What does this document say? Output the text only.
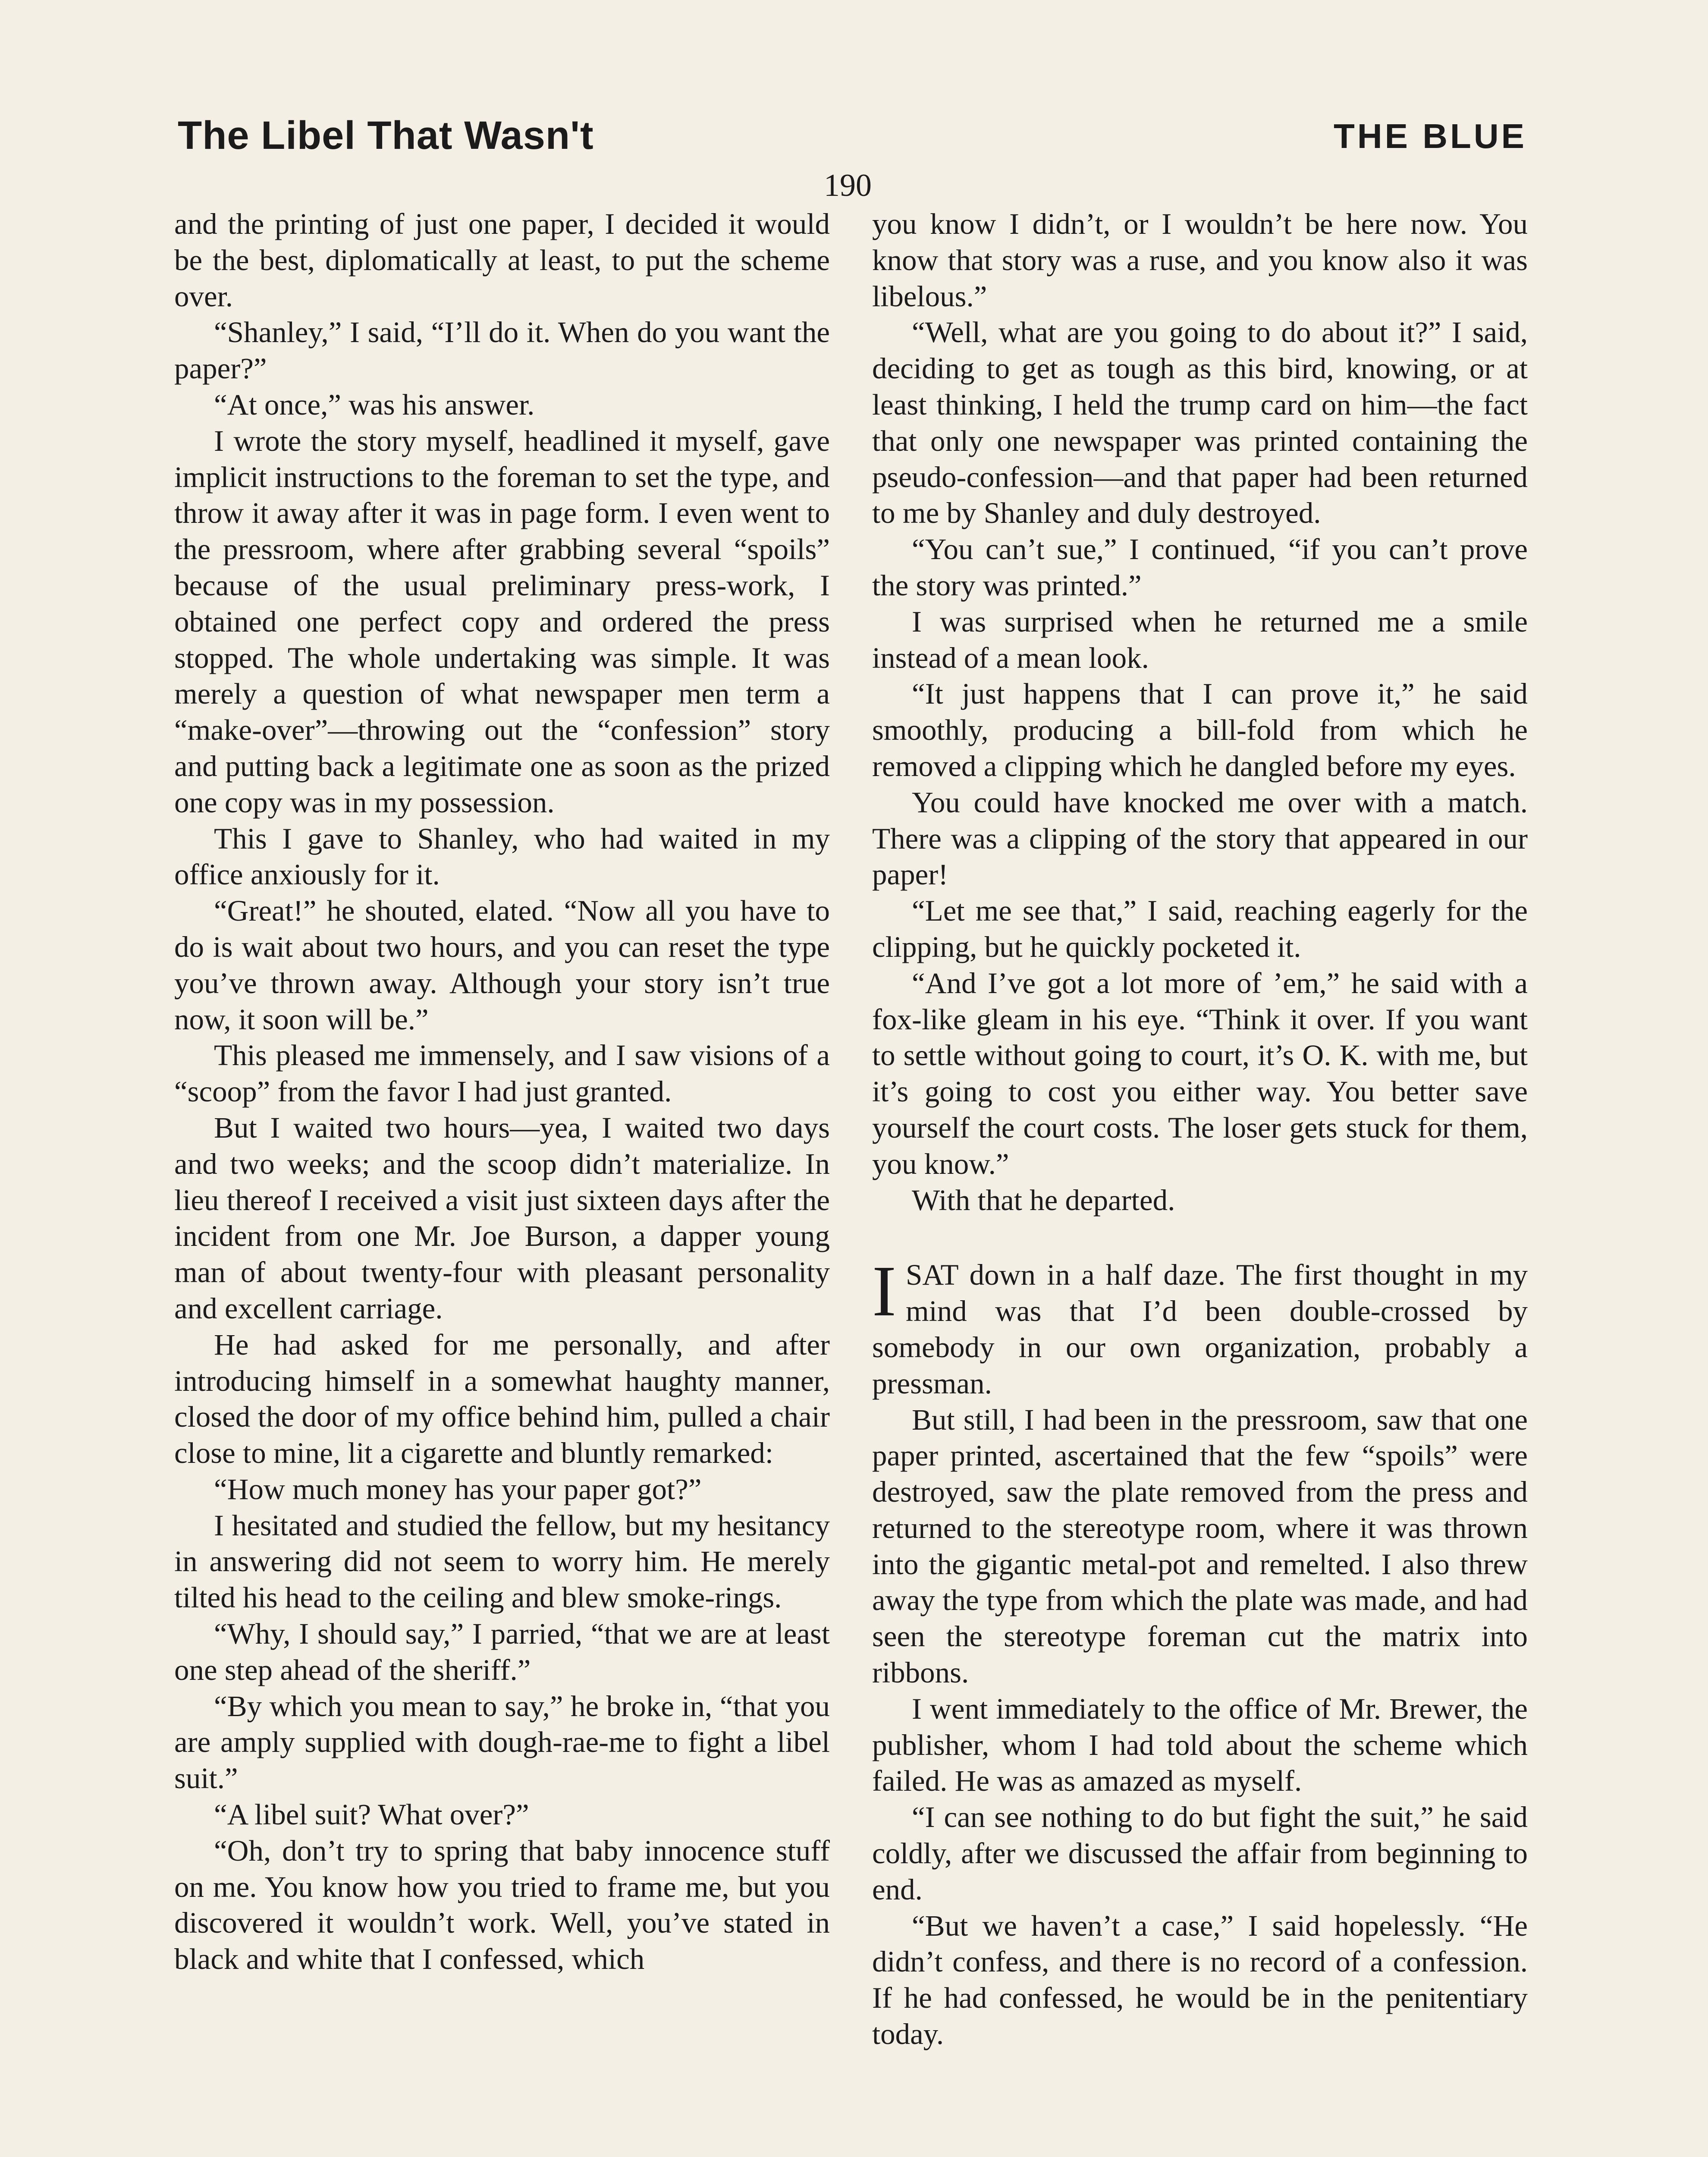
The Libel That Wasn't	THE BLUE
190

and the printing of just one paper, I decided it would be the best, diplomatically at least, to put the scheme over.

“Shanley,” I said, “I’ll do it. When do you want the paper?”

“At once,” was his answer.

I wrote the story myself, headlined it myself, gave implicit instructions to the foreman to set the type, and throw it away after it was in page form. I even went to the pressroom, where after grabbing several “spoils” because of the usual preliminary press-work, I obtained one perfect copy and ordered the press stopped. The whole undertaking was simple. It was merely a question of what newspaper men term a “make-over”—throwing out the “confession” story and putting back a legitimate one as soon as the prized one copy was in my possession.

This I gave to Shanley, who had waited in my office anxiously for it.

“Great!” he shouted, elated. “Now all you have to do is wait about two hours, and you can reset the type you’ve thrown away. Although your story isn’t true now, it soon will be.”

This pleased me immensely, and I saw visions of a “scoop” from the favor I had just granted.

But I waited two hours—yea, I waited two days and two weeks; and the scoop didn’t materialize. In lieu thereof I received a visit just sixteen days after the incident from one Mr. Joe Burson, a dapper young man of about twenty-four with pleasant personality and excellent carriage.

He had asked for me personally, and after introducing himself in a somewhat haughty manner, closed the door of my office behind him, pulled a chair close to mine, lit a cigarette and bluntly remarked:

“How much money has your paper got?”

I hesitated and studied the fellow, but my hesitancy in answering did not seem to worry him. He merely tilted his head to the ceiling and blew smoke-rings.

“Why, I should say,” I parried, “that we are at least one step ahead of the sheriff.”

“By which you mean to say,” he broke in, “that you are amply supplied with dough-rae-me to fight a libel suit.”

“A libel suit? What over?”

“Oh, don’t try to spring that baby innocence stuff on me. You know how you tried to frame me, but you discovered it wouldn’t work. Well, you’ve stated in black and white that I confessed, which

you know I didn’t, or I wouldn’t be here now. You know that story was a ruse, and you know also it was libelous.”

“Well, what are you going to do about it?” I said, deciding to get as tough as this bird, knowing, or at least thinking, I held the trump card on him—the fact that only one newspaper was printed containing the pseudo-confession—and that paper had been returned to me by Shanley and duly destroyed.

“You can’t sue,” I continued, “if you can’t prove the story was printed.”

I was surprised when he returned me a smile instead of a mean look.

“It just happens that I can prove it,” he said smoothly, producing a bill-fold from which he removed a clipping which he dangled before my eyes.

You could have knocked me over with a match. There was a clipping of the story that appeared in our paper!

“Let me see that,” I said, reaching eagerly for the clipping, but he quickly pocketed it.

“And I’ve got a lot more of ’em,” he said with a fox-like gleam in his eye. “Think it over. If you want to settle without going to court, it’s O. K. with me, but it’s going to cost you either way. You better save yourself the court costs. The loser gets stuck for them, you know.”

With that he departed.

I SAT down in a half daze. The first thought in my mind was that I’d been double-crossed by somebody in our own organization, probably a pressman.

But still, I had been in the pressroom, saw that one paper printed, ascertained that the few “spoils” were destroyed, saw the plate removed from the press and returned to the stereotype room, where it was thrown into the gigantic metal-pot and remelted. I also threw away the type from which the plate was made, and had seen the stereotype foreman cut the matrix into ribbons.

I went immediately to the office of Mr. Brewer, the publisher, whom I had told about the scheme which failed. He was as amazed as myself.

“I can see nothing to do but fight the suit,” he said coldly, after we discussed the affair from beginning to end.

“But we haven’t a case,” I said hopelessly. “He didn’t confess, and there is no record of a confession. If he had confessed, he would be in the penitentiary today.
